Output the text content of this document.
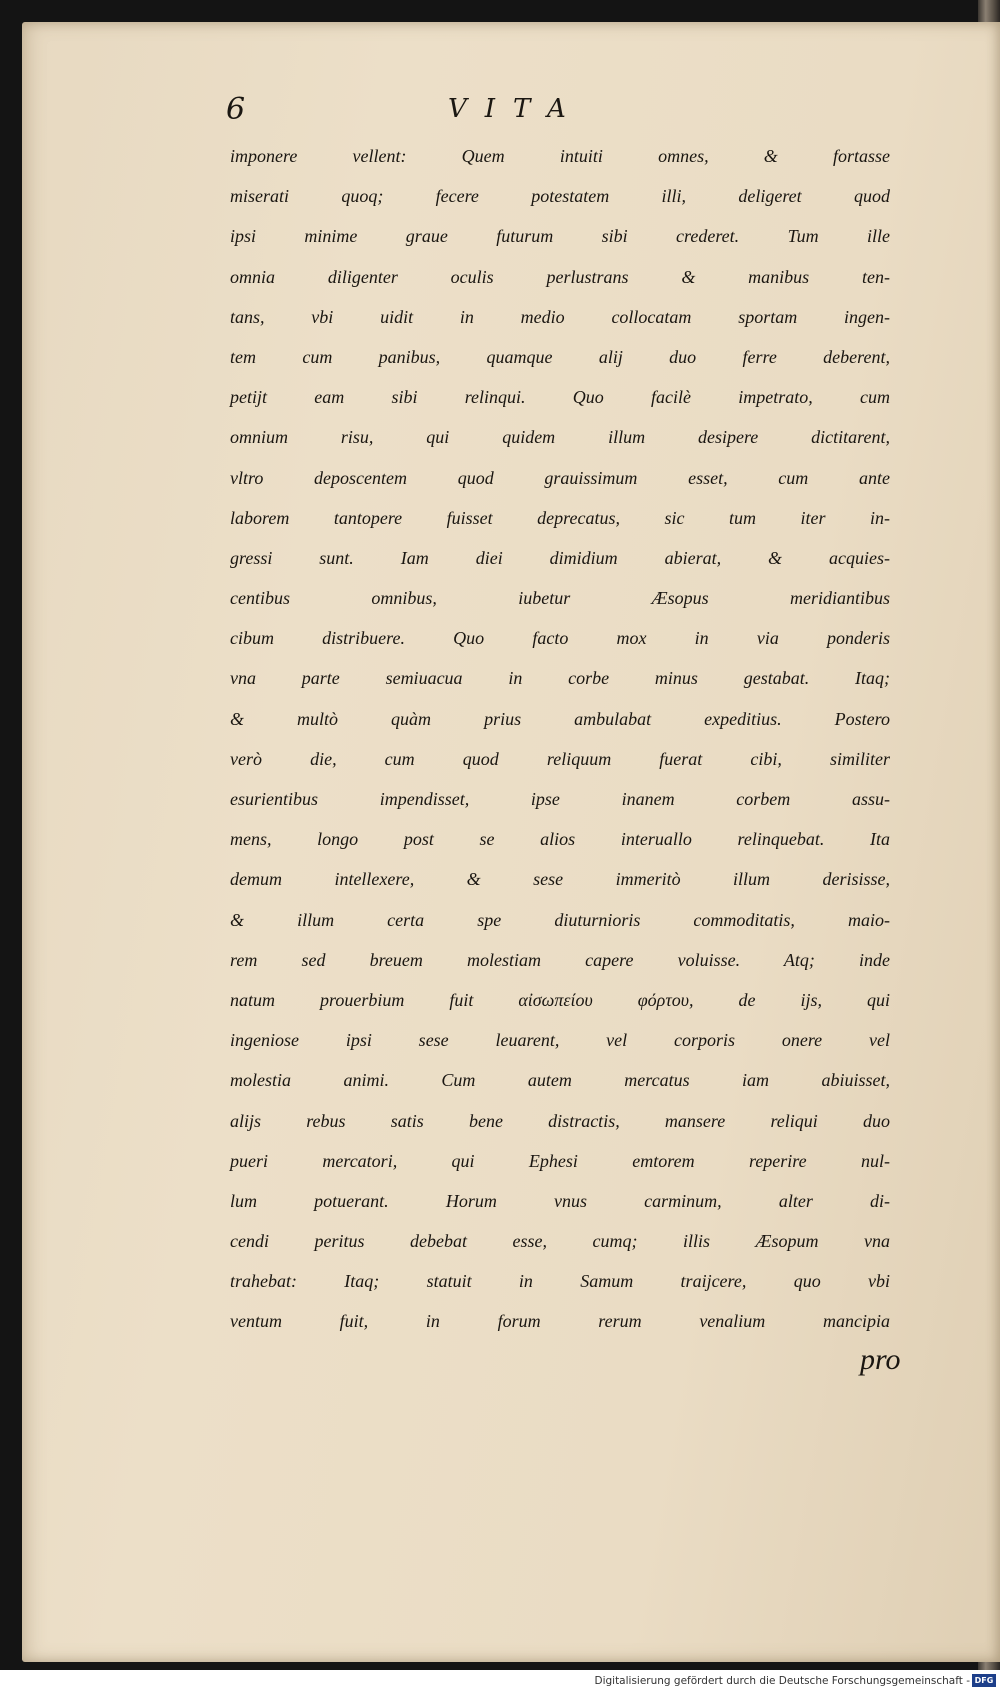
6	VITA
imponere vellent: Quem intuiti omnes, & fortasse
miserati quoq; fecere potestatem illi, deligeret quod
ipsi minime graue futurum sibi crederet. Tum ille
omnia diligenter oculis perlustrans & manibus ten-
tans, vbi uidit in medio collocatam sportam ingen-
tem cum panibus, quamque alij duo ferre deberent,
petijt eam sibi relinqui. Quo facilè impetrato, cum
omnium risu, qui quidem illum desipere dictitarent,
vltro deposcentem quod grauissimum esset, cum ante
laborem tantopere fuisset deprecatus, sic tum iter in-
gressi sunt. Iam diei dimidium abierat, & acquies-
centibus omnibus, iubetur Æsopus meridiantibus
cibum distribuere. Quo facto mox in via ponderis
vna parte semiuacua in corbe minus gestabat. Itaq;
& multò quàm prius ambulabat expeditius. Postero
verò die, cum quod reliquum fuerat cibi, similiter
esurientibus impendisset, ipse inanem corbem assu-
mens, longo post se alios interuallo relinquebat. Ita
demum intellexere, & sese immeritò illum derisisse,
& illum certa spe diuturnioris commoditatis, maio-
rem sed breuem molestiam capere voluisse. Atq; inde
natum prouerbium fuit αἰσωπείου φόρτου, de ijs, qui
ingeniose ipsi sese leuarent, vel corporis onere vel
molestia animi. Cum autem mercatus iam abiuisset,
alijs rebus satis bene distractis, mansere reliqui duo
pueri mercatori, qui Ephesi emtorem reperire nul-
lum potuerant. Horum vnus carminum, alter di-
cendi peritus debebat esse, cumq; illis Æsopum vna
trahebat: Itaq; statuit in Samum traijcere, quo vbi
ventum fuit, in forum rerum venalium mancipia
pro
Digitalisierung gefördert durch die Deutsche Forschungsgemeinschaft - DFG
